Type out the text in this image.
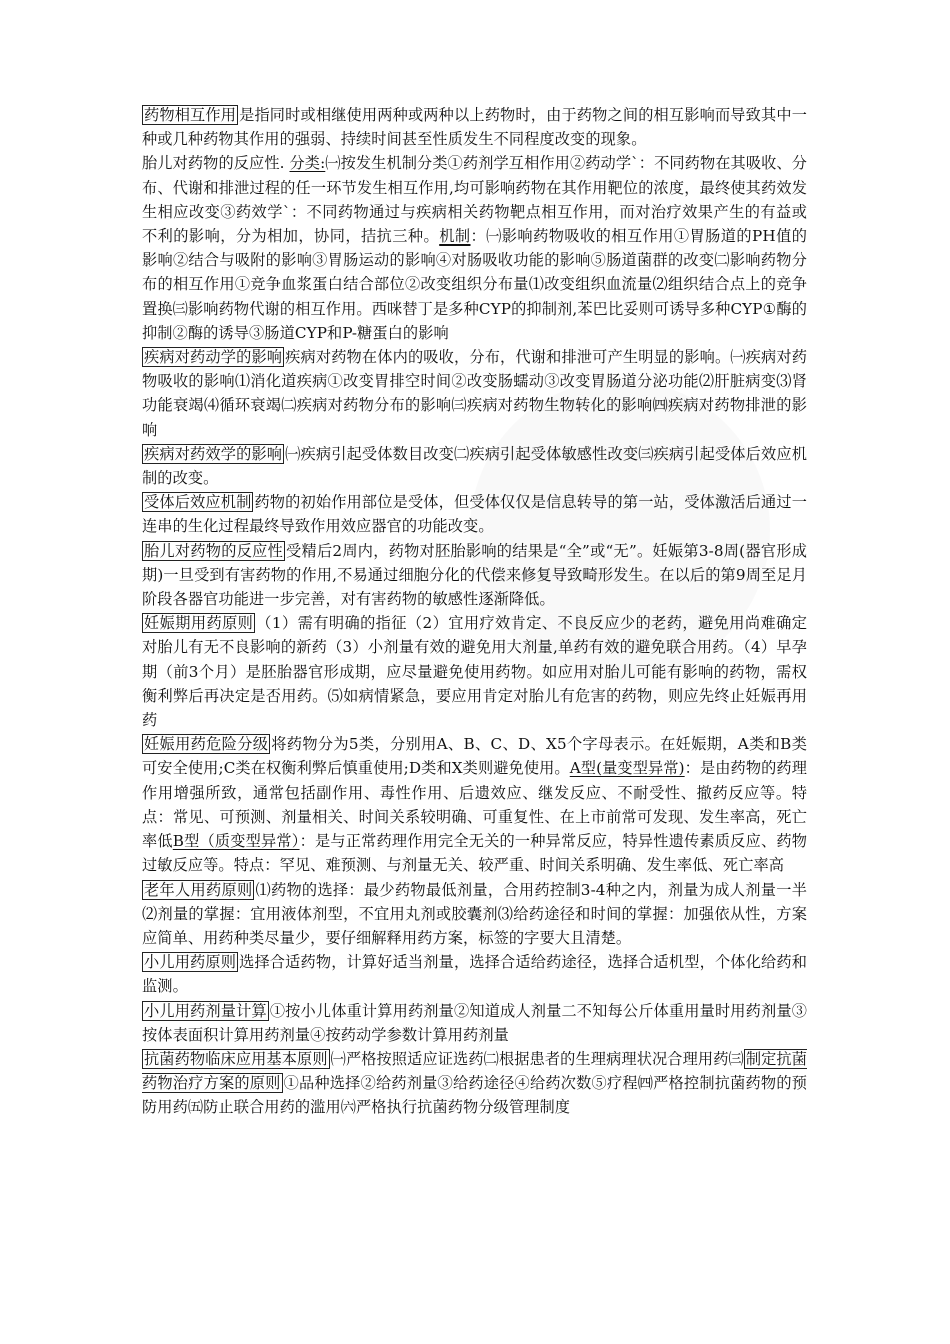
药物相互作用 是指同时或相继使用两种或两种以上药物时，由于药物之间的相互影响而导致其中一种或几种药物其作用的强弱、持续时间甚至性质发生不同程度改变的现象。

胎儿对药物的反应性. 分类:㈠按发生机制分类①药剂学互相作用②药动学`：不同药物在其吸收、分布、代谢和排泄过程的任一环节发生相互作用,均可影响药物在其作用靶位的浓度，最终使其药效发生相应改变③药效学`：不同药物通过与疾病相关药物靶点相互作用，而对治疗效果产生的有益或不利的影响，分为相加，协同，拮抗三种。机制：㈠影响药物吸收的相互作用①胃肠道的PH值的影响②结合与吸附的影响③胃肠运动的影响④对肠吸收功能的影响⑤肠道菌群的改变㈡影响药物分布的相互作用①竞争血浆蛋白结合部位②改变组织分布量⑴改变组织血流量⑵组织结合点上的竞争置换㈢影响药物代谢的相互作用。西咪替丁是多种CYP的抑制剂,苯巴比妥则可诱导多种CYP①酶的抑制②酶的诱导③肠道CYP和P-糖蛋白的影响

疾病对药动学的影响 疾病对药物在体内的吸收，分布，代谢和排泄可产生明显的影响。㈠疾病对药物吸收的影响⑴消化道疾病①改变胃排空时间②改变肠蠕动③改变胃肠道分泌功能⑵肝脏病变⑶肾功能衰竭⑷循环衰竭㈡疾病对药物分布的影响㈢疾病对药物生物转化的影响㈣疾病对药物排泄的影响

疾病对药效学的影响 ㈠疾病引起受体数目改变㈡疾病引起受体敏感性改变㈢疾病引起受体后效应机制的改变。

受体后效应机制 药物的初始作用部位是受体，但受体仅仅是信息转导的第一站，受体激活后通过一连串的生化过程最终导致作用效应器官的功能改变。

胎儿对药物的反应性 受精后2周内，药物对胚胎影响的结果是“全”或“无”。妊娠第3-8周(器官形成期)一旦受到有害药物的作用,不易通过细胞分化的代偿来修复导致畸形发生。在以后的第9周至足月阶段各器官功能进一步完善，对有害药物的敏感性逐渐降低。

妊娠期用药原则 （1）需有明确的指征（2）宜用疗效肯定、不良反应少的老药，避免用尚难确定对胎儿有无不良影响的新药（3）小剂量有效的避免用大剂量,单药有效的避免联合用药。（4）早孕期（前3个月）是胚胎器官形成期，应尽量避免使用药物。如应用对胎儿可能有影响的药物，需权衡利弊后再决定是否用药。⑸如病情紧急，要应用肯定对胎儿有危害的药物，则应先终止妊娠再用药

妊娠用药危险分级 将药物分为5类，分别用A、B、C、D、X5个字母表示。在妊娠期，A类和B类可安全使用;C类在权衡利弊后慎重使用;D类和X类则避免使用。A型(量变型异常)：是由药物的药理作用增强所致，通常包括副作用、毒性作用、后遗效应、继发反应、不耐受性、撤药反应等。特点：常见、可预测、剂量相关、时间关系较明确、可重复性、在上市前常可发现、发生率高，死亡率低B型（质变型异常）：是与正常药理作用完全无关的一种异常反应，特异性遗传素质反应、药物过敏反应等。特点：罕见、难预测、与剂量无关、较严重、时间关系明确、发生率低、死亡率高

老年人用药原则 ⑴药物的选择：最少药物最低剂量，合用药控制3-4种之内，剂量为成人剂量一半⑵剂量的掌握：宜用液体剂型，不宜用丸剂或胶囊剂⑶给药途径和时间的掌握：加强依从性，方案应简单、用药种类尽量少，要仔细解释用药方案，标签的字要大且清楚。

小儿用药原则 选择合适药物，计算好适当剂量，选择合适给药途径，选择合适机型，个体化给药和监测。

小儿用药剂量计算 ①按小儿体重计算用药剂量②知道成人剂量二不知每公斤体重用量时用药剂量③按体表面积计算用药剂量④按药动学参数计算用药剂量

抗菌药物临床应用基本原则 ㈠严格按照适应证选药㈡根据患者的生理病理状况合理用药㈢ 制定抗菌药物治疗方案的原则 ①品种选择②给药剂量③给药途径④给药次数⑤疗程㈣严格控制抗菌药物的预防用药㈤防止联合用药的滥用㈥严格执行抗菌药物分级管理制度
